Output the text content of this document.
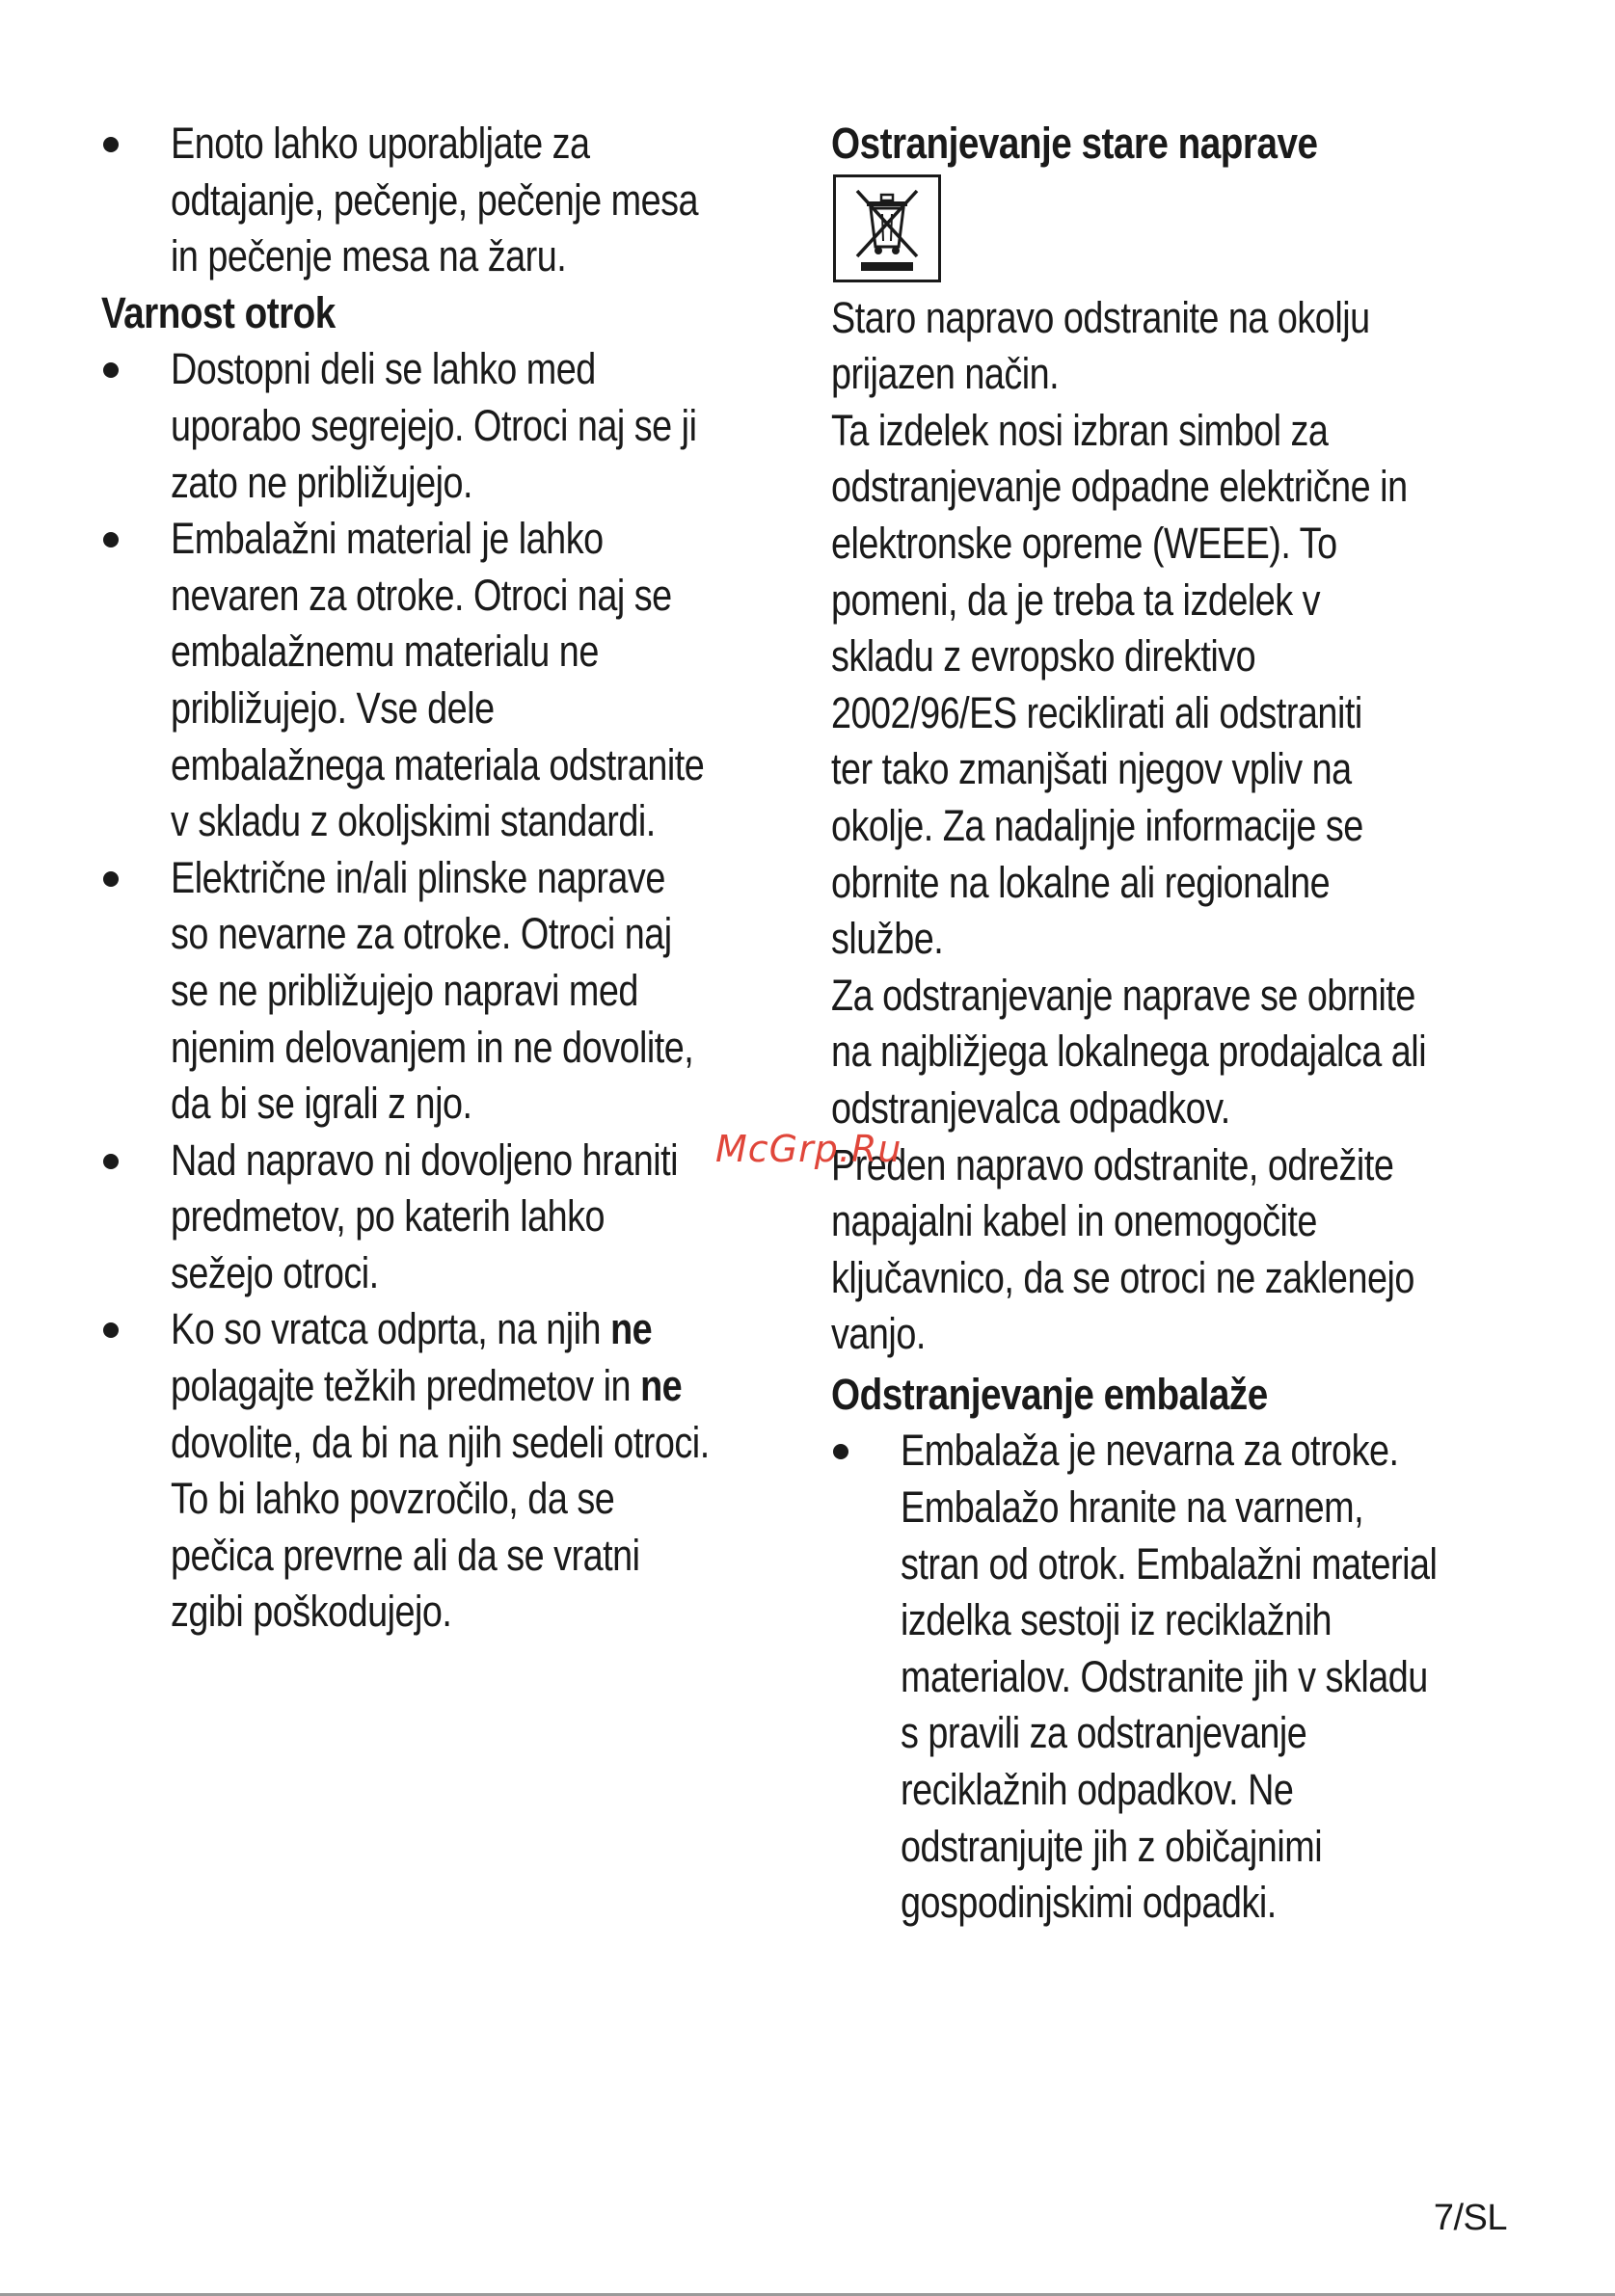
Enoto lahko uporabljate za
odtajanje, pečenje, pečenje mesa
in pečenje mesa na žaru.
Varnost otrok
Dostopni deli se lahko med
uporabo segrejejo. Otroci naj se ji
zato ne približujejo.
Embalažni material je lahko
nevaren za otroke. Otroci naj se
embalažnemu materialu ne
približujejo. Vse dele
embalažnega materiala odstranite
v skladu z okoljskimi standardi.
Električne in/ali plinske naprave
so nevarne za otroke. Otroci naj
se ne približujejo napravi med
njenim delovanjem in ne dovolite,
da bi se igrali z njo.
Nad napravo ni dovoljeno hraniti
predmetov, po katerih lahko
sežejo otroci.
Ko so vratca odprta, na njih ne
polagajte težkih predmetov in ne
dovolite, da bi na njih sedeli otroci.
To bi lahko povzročilo, da se
pečica prevrne ali da se vratni
zgibi poškodujejo.
Ostranjevanje stare naprave
Staro napravo odstranite na okolju
prijazen način.
Ta izdelek nosi izbran simbol za
odstranjevanje odpadne električne in
elektronske opreme (WEEE). To
pomeni, da je treba ta izdelek v
skladu z evropsko direktivo
2002/96/ES reciklirati ali odstraniti
ter tako zmanjšati njegov vpliv na
okolje. Za nadaljnje informacije se
obrnite na lokalne ali regionalne
službe.
Za odstranjevanje naprave se obrnite
na najbližjega lokalnega prodajalca ali
odstranjevalca odpadkov.
Preden napravo odstranite, odrežite
napajalni kabel in onemogočite
ključavnico, da se otroci ne zaklenejo
vanjo.
Odstranjevanje embalaže
Embalaža je nevarna za otroke.
Embalažo hranite na varnem,
stran od otrok. Embalažni material
izdelka sestoji iz reciklažnih
materialov. Odstranite jih v skladu
s pravili za odstranjevanje
reciklažnih odpadkov. Ne
odstranjujte jih z običajnimi
gospodinjskimi odpadki.
McGrp.Ru
7/SL
